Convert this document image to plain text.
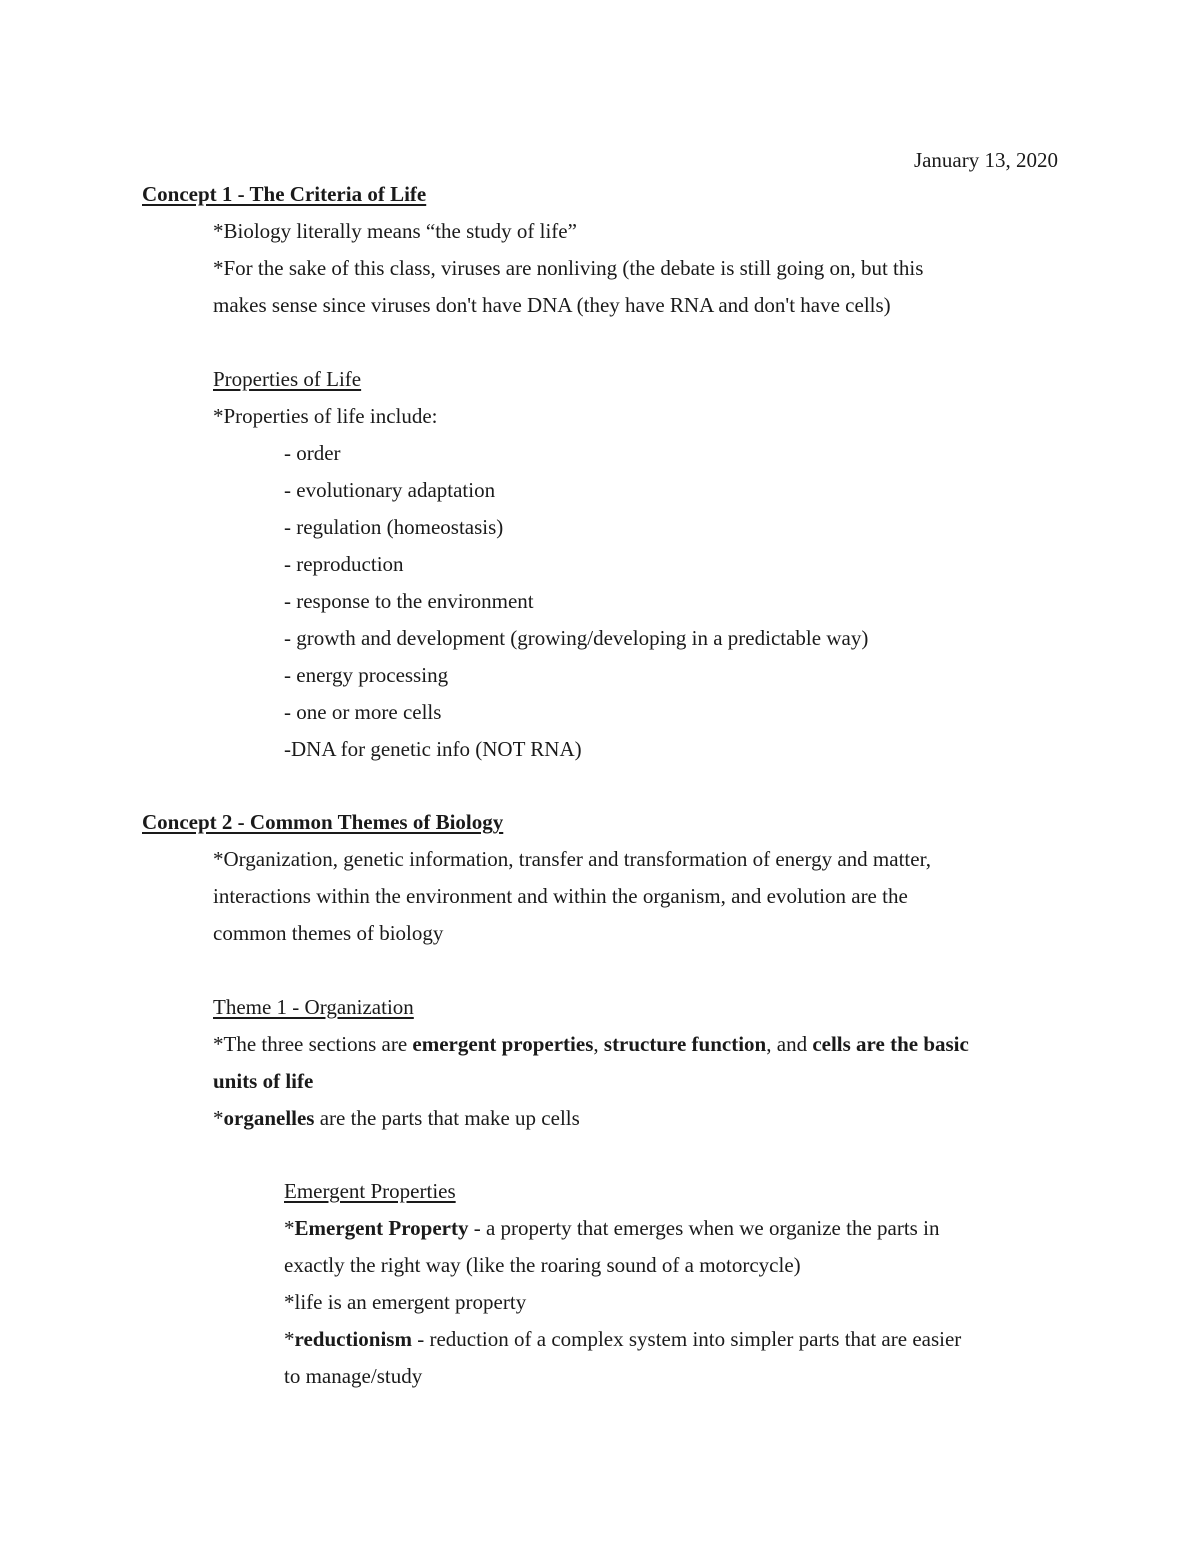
January 13, 2020
Concept 1 - The Criteria of Life
*Biology literally means “the study of life”
*For the sake of this class, viruses are nonliving (the debate is still going on, but this
makes sense since viruses don't have DNA (they have RNA and don't have cells)
Properties of Life
*Properties of life include:
- order
- evolutionary adaptation
- regulation (homeostasis)
- reproduction
- response to the environment
- growth and development (growing/developing in a predictable way)
- energy processing
- one or more cells
-DNA for genetic info (NOT RNA)
Concept 2 - Common Themes of Biology
*Organization, genetic information, transfer and transformation of energy and matter,
interactions within the environment and within the organism, and evolution are the
common themes of biology
Theme 1 - Organization
*The three sections are emergent properties, structure function, and cells are the basic
units of life
*organelles are the parts that make up cells
Emergent Properties
*Emergent Property - a property that emerges when we organize the parts in
exactly the right way (like the roaring sound of a motorcycle)
*life is an emergent property
*reductionism - reduction of a complex system into simpler parts that are easier
to manage/study
